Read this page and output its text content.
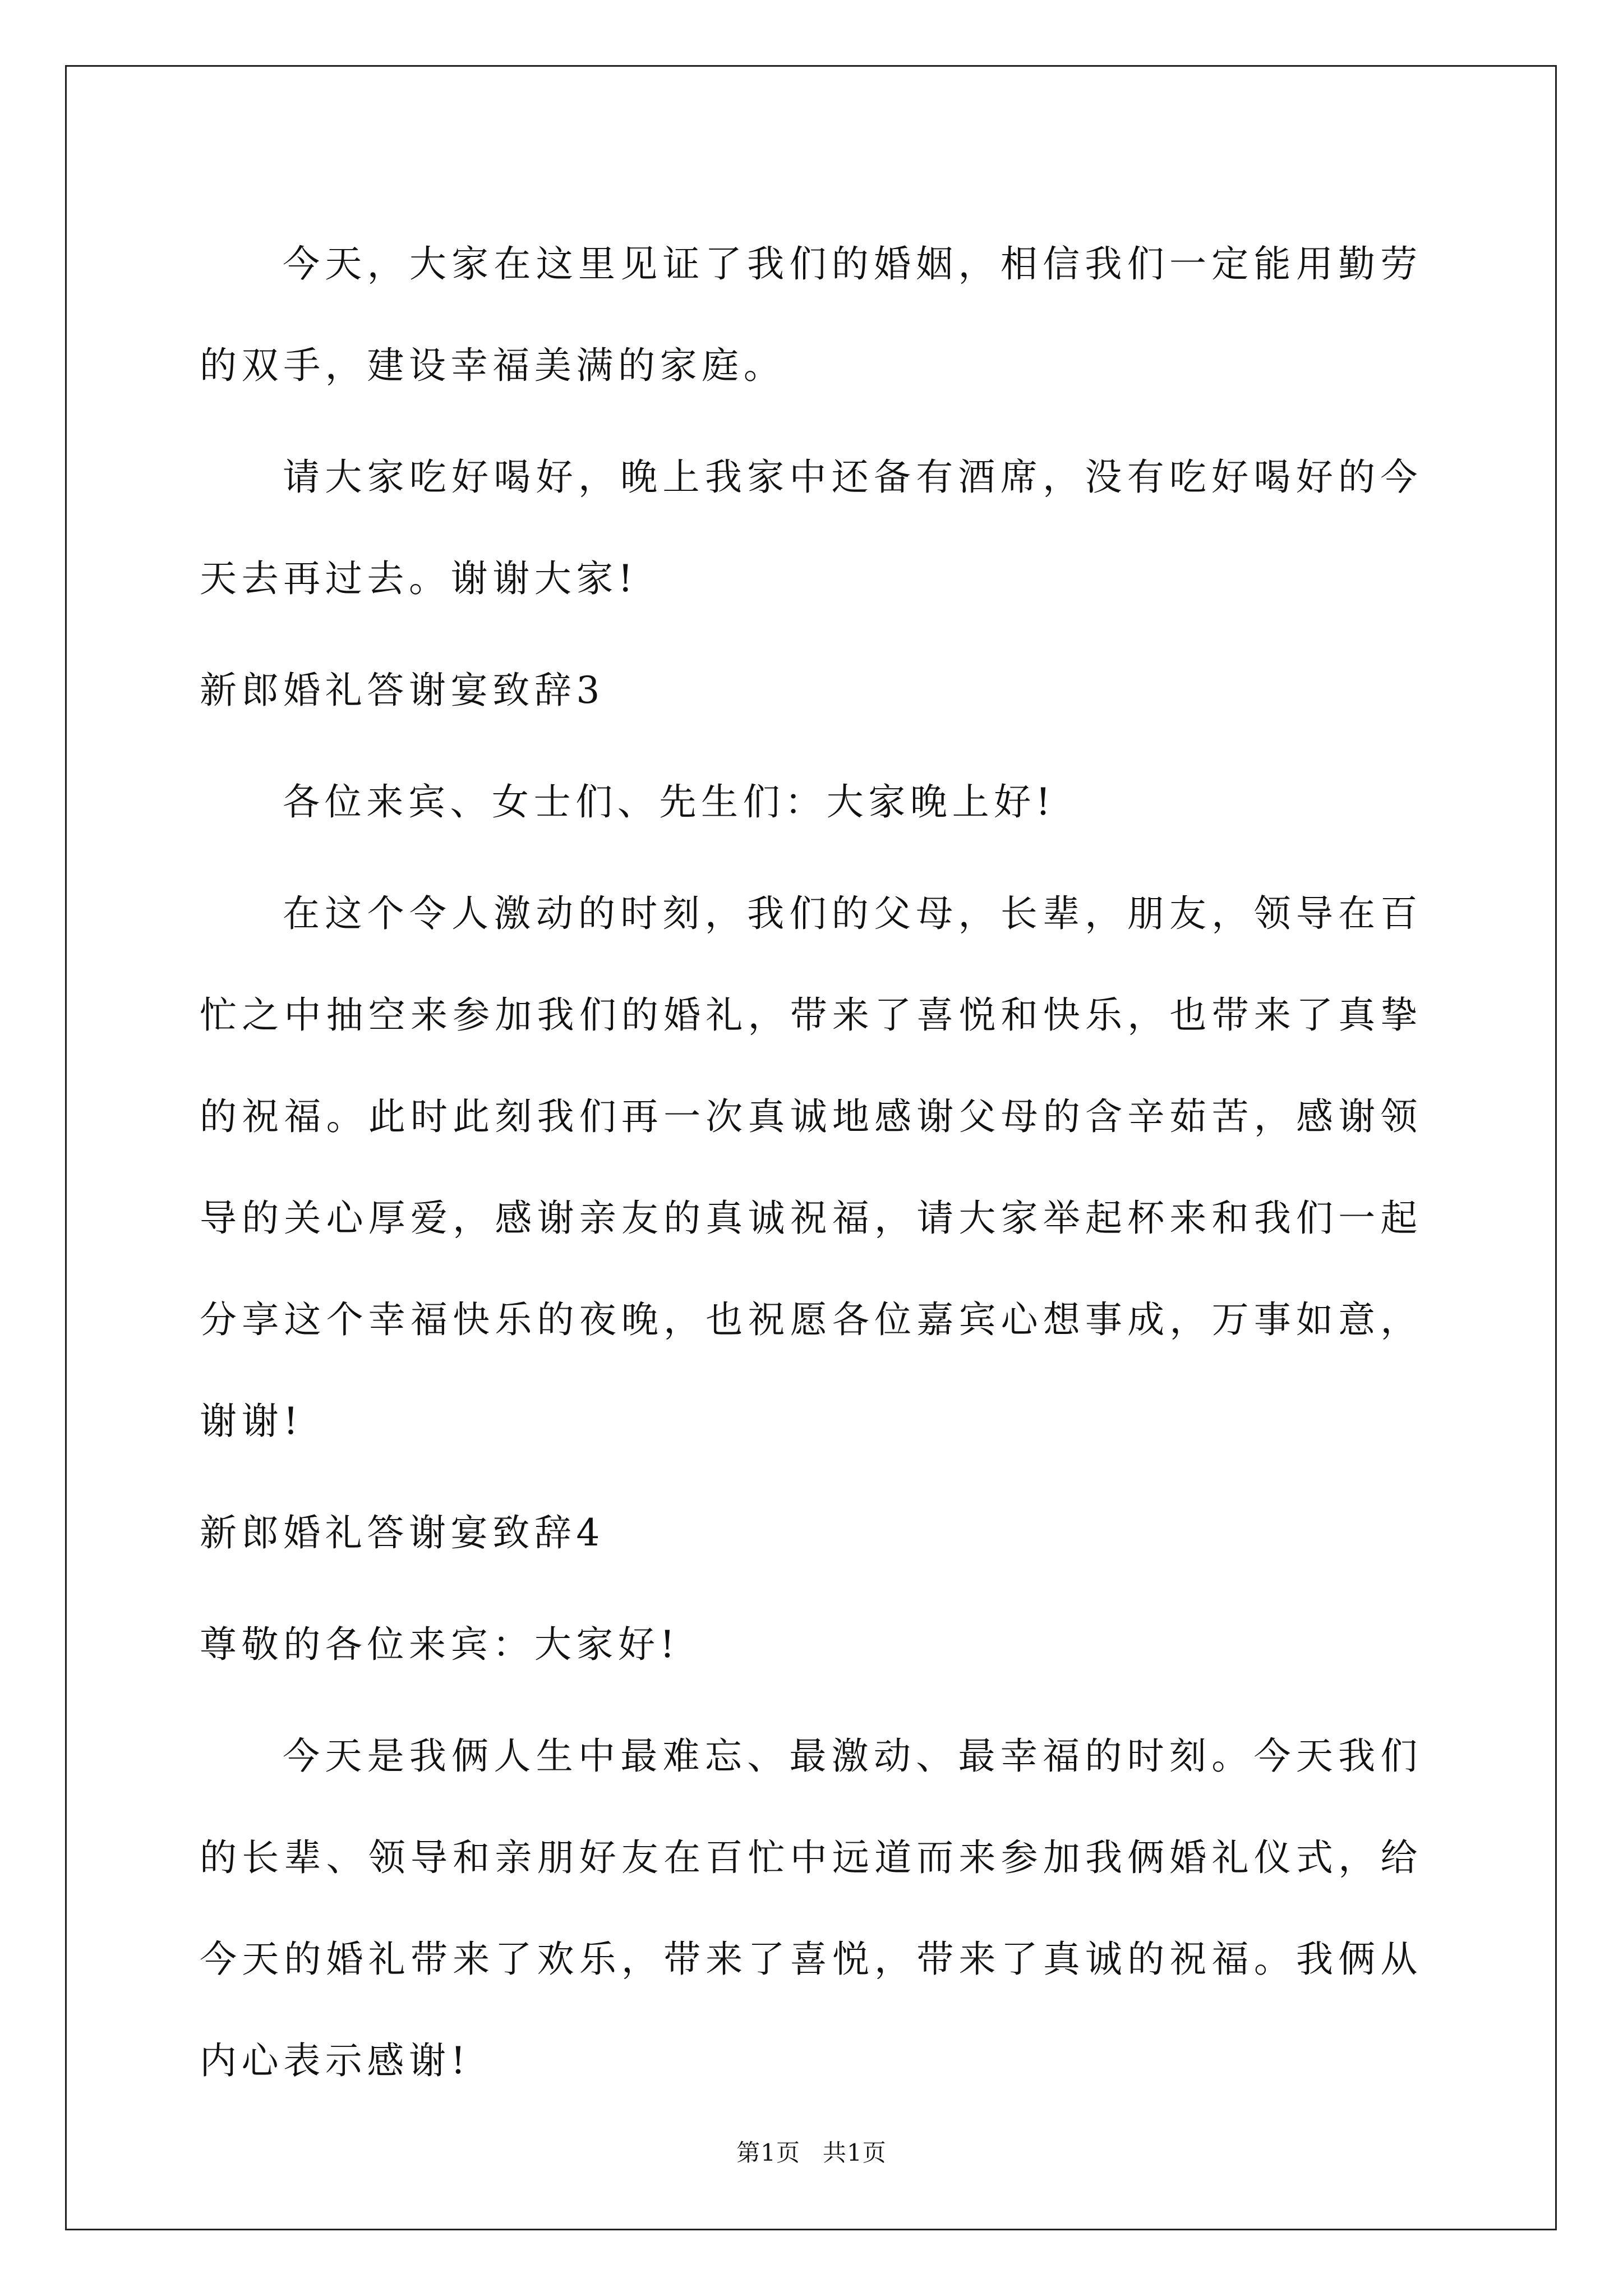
今天，大家在这里见证了我们的婚姻，相信我们一定能用勤劳的双手，建设幸福美满的家庭。

请大家吃好喝好，晚上我家中还备有酒席，没有吃好喝好的今天去再过去。谢谢大家!

新郎婚礼答谢宴致辞3

各位来宾、女士们、先生们：大家晚上好!

在这个令人激动的时刻，我们的父母，长辈，朋友，领导在百忙之中抽空来参加我们的婚礼，带来了喜悦和快乐，也带来了真挚的祝福。此时此刻我们再一次真诚地感谢父母的含辛茹苦，感谢领导的关心厚爱，感谢亲友的真诚祝福，请大家举起杯来和我们一起分享这个幸福快乐的夜晚，也祝愿各位嘉宾心想事成，万事如意，谢谢!

新郎婚礼答谢宴致辞4

尊敬的各位来宾：大家好!

今天是我俩人生中最难忘、最激动、最幸福的时刻。今天我们的长辈、领导和亲朋好友在百忙中远道而来参加我俩婚礼仪式，给今天的婚礼带来了欢乐，带来了喜悦，带来了真诚的祝福。我俩从内心表示感谢!

第1页 共1页
